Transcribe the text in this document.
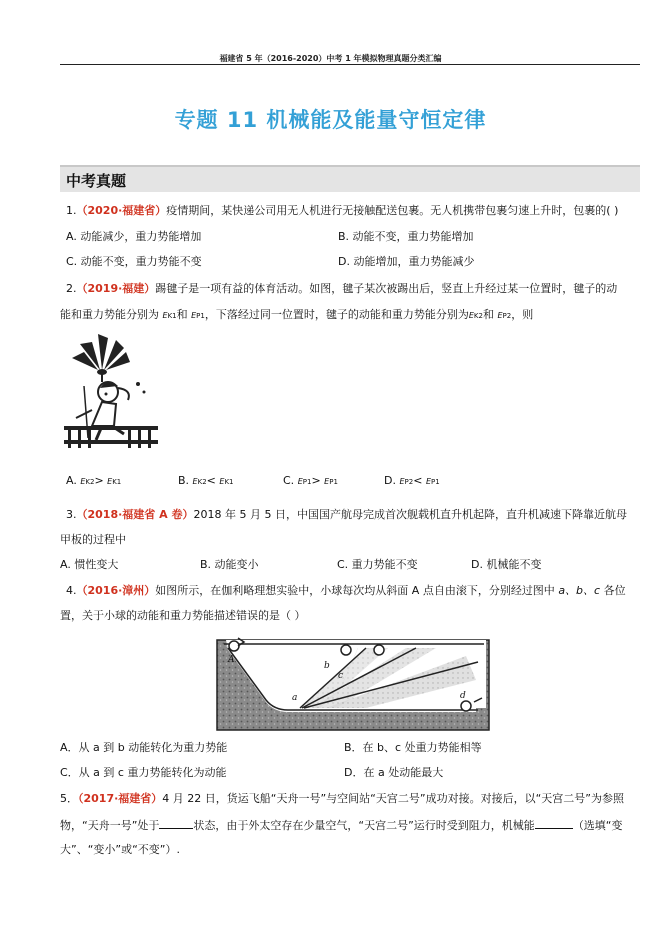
福建省 5 年（2016-2020）中考 1 年模拟物理真题分类汇编
专题 11 机械能及能量守恒定律
中考真题
1.（2020·福建省）疫情期间，某快递公司用无人机进行无接触配送包裹。无人机携带包裹匀速上升时，包裹的( )
A. 动能减少，重力势能增加	B. 动能不变，重力势能增加
C. 动能不变，重力势能不变	D. 动能增加，重力势能减少
2.（2019·福建）踢毽子是一项有益的体育活动。如图，毽子某次被踢出后，竖直上升经过某一位置时，毽子的动
能和重力势能分别为 EK1和 EP1，下落经过同一位置时，毽子的动能和重力势能分别为EK2和 EP2，则
A. EK2> EK1	B. EK2< EK1	C. EP1> EP1	D. EP2< EP1
3.（2018·福建省 A 卷）2018 年 5 月 5 日，中国国产航母完成首次舰载机直升机起降，直升机减速下降靠近航母
甲板的过程中
A. 惯性变大	B. 动能变小	C. 重力势能不变	D. 机械能不变
4.（2016·漳州）如图所示，在伽利略理想实验中，小球每次均从斜面 A 点自由滚下，分别经过图中 a、b、c 各位
置，关于小球的动能和重力势能描述错误的是（ ）
A
b
c
a	d
A．从 a 到 b 动能转化为重力势能	B．在 b、c 处重力势能相等
C．从 a 到 c 重力势能转化为动能	D．在 a 处动能最大
5．（2017·福建省）4 月 22 日，货运飞船“天舟一号”与空间站“天宫二号”成功对接。对接后，以“天宫二号”为参照
物，“天舟一号”处于	状态，由于外太空存在少量空气，“天宫二号”运行时受到阻力，机械能	（选填“变
大”、“变小”或“不变”）.
